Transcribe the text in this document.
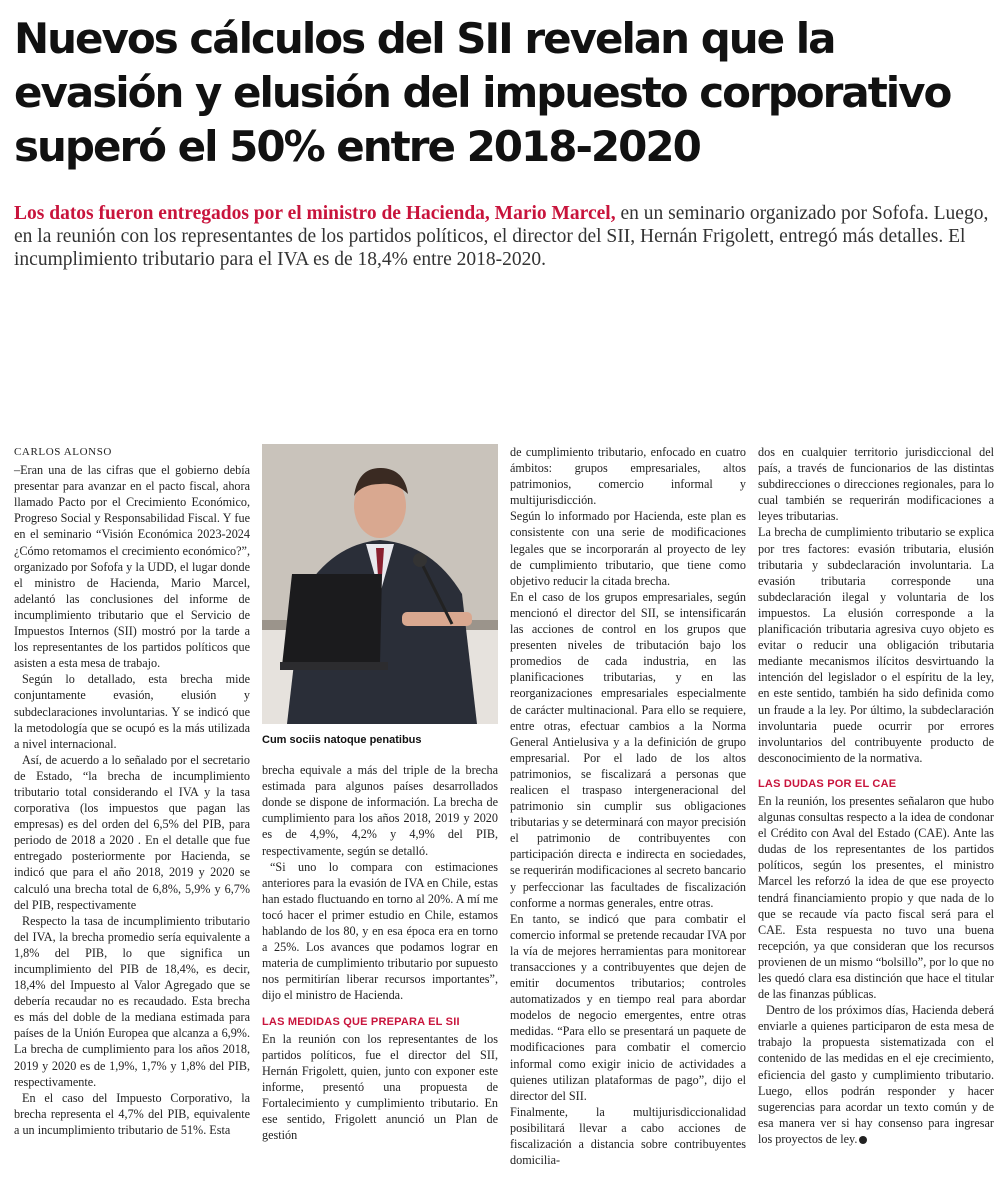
Nuevos cálculos del SII revelan que la evasión y elusión del impuesto corporativo superó el 50% entre 2018-2020

Los datos fueron entregados por el ministro de Hacienda, Mario Marcel, en un seminario organizado por Sofofa. Luego, en la reunión con los representantes de los partidos políticos, el director del SII, Hernán Frigolett, entregó más detalles. El incumplimiento tributario para el IVA es de 18,4% entre 2018-2020.

CARLOS ALONSO

–Eran una de las cifras que el gobierno debía presentar para avanzar en el pacto fiscal, ahora llamado Pacto por el Crecimiento Económico, Progreso Social y Responsabilidad Fiscal. Y fue en el seminario “Visión Económica 2023-2024 ¿Cómo retomamos el crecimiento económico?”, organizado por Sofofa y la UDD, el lugar donde el ministro de Hacienda, Mario Marcel, adelantó las conclusiones del informe de incumplimiento tributario que el Servicio de Impuestos Internos (SII) mostró por la tarde a los representantes de los partidos políticos que asisten a esta mesa de trabajo.

Según lo detallado, esta brecha mide conjuntamente evasión, elusión y subdeclaraciones involuntarias. Y se indicó que la metodología que se ocupó es la más utilizada a nivel internacional.

Así, de acuerdo a lo señalado por el secretario de Estado, “la brecha de incumplimiento tributario total considerando el IVA y la tasa corporativa (los impuestos que pagan las empresas) es del orden del 6,5% del PIB, para periodo de 2018 a 2020 . En el detalle que fue entregado posteriormente por Hacienda, se indicó que para el año 2018, 2019 y 2020 se calculó una brecha total de 6,8%, 5,9% y 6,7% del PIB, respectivamente

Respecto la tasa de incumplimiento tributario del IVA, la brecha promedio sería equivalente a 1,8% del PIB, lo que significa un incumplimiento del PIB de 18,4%, es decir, 18,4% del Impuesto al Valor Agregado que se debería recaudar no es recaudado. Esta brecha es más del doble de la mediana estimada para países de la Unión Europea que alcanza a 6,9%. La brecha de cumplimiento para los años 2018, 2019 y 2020 es de 1,9%, 1,7% y 1,8% del PIB, respectivamente.

En el caso del Impuesto Corporativo, la brecha representa el 4,7% del PIB, equivalente a un incumplimiento tributario de 51%. Esta

Cum sociis natoque penatibus

brecha equivale a más del triple de la brecha estimada para algunos países desarrollados donde se dispone de información. La brecha de cumplimiento para los años 2018, 2019 y 2020 es de 4,9%, 4,2% y 4,9% del PIB, respectivamente, según se detalló.

“Si uno lo compara con estimaciones anteriores para la evasión de IVA en Chile, estas han estado fluctuando en torno al 20%. A mí me tocó hacer el primer estudio en Chile, estamos hablando de los 80, y en esa época era en torno a 25%. Los avances que podamos lograr en materia de cumplimiento tributario por supuesto nos permitirían liberar recursos importantes”, dijo el ministro de Hacienda.

LAS MEDIDAS QUE PREPARA EL SII

En la reunión con los representantes de los partidos políticos, fue el director del SII, Hernán Frigolett, quien, junto con exponer este informe, presentó una propuesta de Fortalecimiento y cumplimiento tributario. En ese sentido, Frigolett anunció un Plan de gestión

de cumplimiento tributario, enfocado en cuatro ámbitos: grupos empresariales, altos patrimonios, comercio informal y multijurisdicción.

Según lo informado por Hacienda, este plan es consistente con una serie de modificaciones legales que se incorporarán al proyecto de ley de cumplimiento tributario, que tiene como objetivo reducir la citada brecha.

En el caso de los grupos empresariales, según mencionó el director del SII, se intensificarán las acciones de control en los grupos que presenten niveles de tributación bajo los promedios de cada industria, en las planificaciones tributarias, y en las reorganizaciones empresariales especialmente de carácter multinacional. Para ello se requiere, entre otras, efectuar cambios a la Norma General Antielusiva y a la definición de grupo empresarial. Por el lado de los altos patrimonios, se fiscalizará a personas que realicen el traspaso intergeneracional del patrimonio sin cumplir sus obligaciones tributarias y se determinará con mayor precisión el patrimonio de contribuyentes con participación directa e indirecta en sociedades, se requerirán modificaciones al secreto bancario y perfeccionar las facultades de fiscalización conforme a normas generales, entre otras.

En tanto, se indicó que para combatir el comercio informal se pretende recaudar IVA por la vía de mejores herramientas para monitorear transacciones y a contribuyentes que dejen de emitir documentos tributarios; controles automatizados y en tiempo real para abordar modelos de negocio emergentes, entre otras medidas. “Para ello se presentará un paquete de modificaciones para combatir el comercio informal como exigir inicio de actividades a quienes utilizan plataformas de pago”, dijo el director del SII.

Finalmente, la multijurisdiccionalidad posibilitará llevar a cabo acciones de fiscalización a distancia sobre contribuyentes domicilia-

dos en cualquier territorio jurisdiccional del país, a través de funcionarios de las distintas subdirecciones o direcciones regionales, para lo cual también se requerirán modificaciones a leyes tributarias.

La brecha de cumplimiento tributario se explica por tres factores: evasión tributaria, elusión tributaria y subdeclaración involuntaria. La evasión tributaria corresponde una subdeclaración ilegal y voluntaria de los impuestos. La elusión corresponde a la planificación tributaria agresiva cuyo objeto es evitar o reducir una obligación tributaria mediante mecanismos ilícitos desvirtuando la intención del legislador o el espíritu de la ley, en este sentido, también ha sido definida como un fraude a la ley. Por último, la subdeclaración involuntaria puede ocurrir por errores involuntarios del contribuyente producto de desconocimiento de la normativa.

LAS DUDAS POR EL CAE

En la reunión, los presentes señalaron que hubo algunas consultas respecto a la idea de condonar el Crédito con Aval del Estado (CAE). Ante las dudas de los representantes de los partidos políticos, según los presentes, el ministro Marcel les reforzó la idea de que ese proyecto tendrá financiamiento propio y que nada de lo que se recaude vía pacto fiscal será para el CAE. Esta respuesta no tuvo una buena recepción, ya que consideran que los recursos provienen de un mismo “bolsillo”, por lo que no les quedó clara esa distinción que hace el titular de las finanzas públicas.

Dentro de los próximos días, Hacienda deberá enviarle a quienes participaron de esta mesa de trabajo la propuesta sistematizada con el contenido de las medidas en el eje crecimiento, eficiencia del gasto y cumplimiento tributario. Luego, ellos podrán responder y hacer sugerencias para acordar un texto común y de esa manera ver si hay consenso para ingresar los proyectos de ley.
